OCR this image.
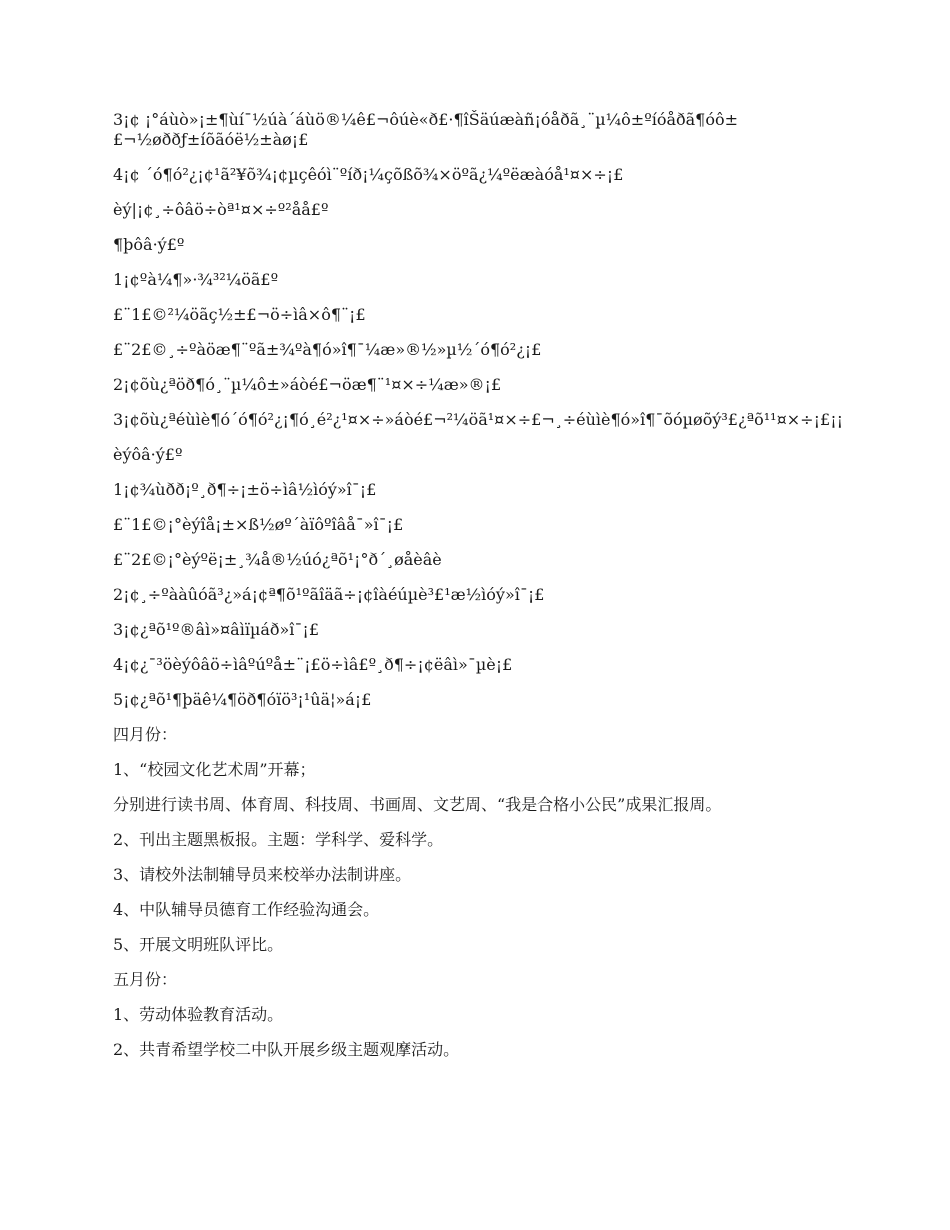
3¡¢ ¡°áùò»¡±¶ùí¯½úà´áùö®¼ê£¬ôúè«ð£·¶îŠäúæàñ¡óåðã¸¨µ¼ô±ºíóåðã¶óô±

£¬½øððƒ±íõãóë½±àø¡£

4¡¢ ´ó¶ó²¿¡¢¹ã²¥õ¾¡¢µçêóì¨ºíð¡¼çõßõ¾×öºã¿¼ºëæàóå¹¤×÷¡£

èý|¡¢¸÷ôâö÷òª¹¤×÷º²åå£º

¶þôâ·ý£º

1¡¢ºà¼¶»·¾³²¼öã£º

£¨1£©²¼öãç½±£¬ö÷ìâ×ô¶¨¡£

£¨2£©¸÷ºàöæ¶¨ºã±¾ºà¶ó»î¶¯¼æ»®½»µ½´ó¶ó²¿¡£

2¡¢õù¿ªöð¶ó¸¨µ¼ô±»áòé£¬öæ¶¨¹¤×÷¼æ»®¡£

3¡¢õù¿ªéùìè¶ó´ó¶ó²¿¡¶ó¸é²¿¹¤×÷»áòé£¬²¼öã¹¤×÷£¬¸÷éùìè¶ó»î¶¯õóµøõý³£¿ªõ¹¹¤×÷¡£¡¡

èýôâ·ý£º

1¡¢¾ùðð¡º¸ð¶÷¡±ö÷ìâ½ìóý»î¯¡£

£¨1£©¡°èýîå¡±×ß½øº´àïôºîâå¯»î¯¡£

£¨2£©¡°èýºë¡±¸¾å®½úó¿ªõ¹¡°ð´¸øåèâè

2¡¢¸÷ºààûóã³¿»á¡¢ª¶õ¹ºãîäã÷¡¢îàéúµè³£¹æ½ìóý»î¯¡£

3¡¢¿ªõ¹º®âì»¤âìïµáð»î¯¡£

4¡¢¿¯³öèýôâö÷ìâºúºå±¨¡£ö÷ìâ£º¸ð¶÷¡¢ëâì»¯µè¡£

5¡¢¿ªõ¹¶þäê¼¶öð¶óïö³¡¹ûä¦»á¡£

四月份：

1、“校园文化艺术周”开幕；

分别进行读书周、体育周、科技周、书画周、文艺周、“我是合格小公民”成果汇报周。

2、刊出主题黑板报。主题：学科学、爱科学。

3、请校外法制辅导员来校举办法制讲座。

4、中队辅导员德育工作经验沟通会。

5、开展文明班队评比。

五月份：

1、劳动体验教育活动。

2、共青希望学校二中队开展乡级主题观摩活动。
